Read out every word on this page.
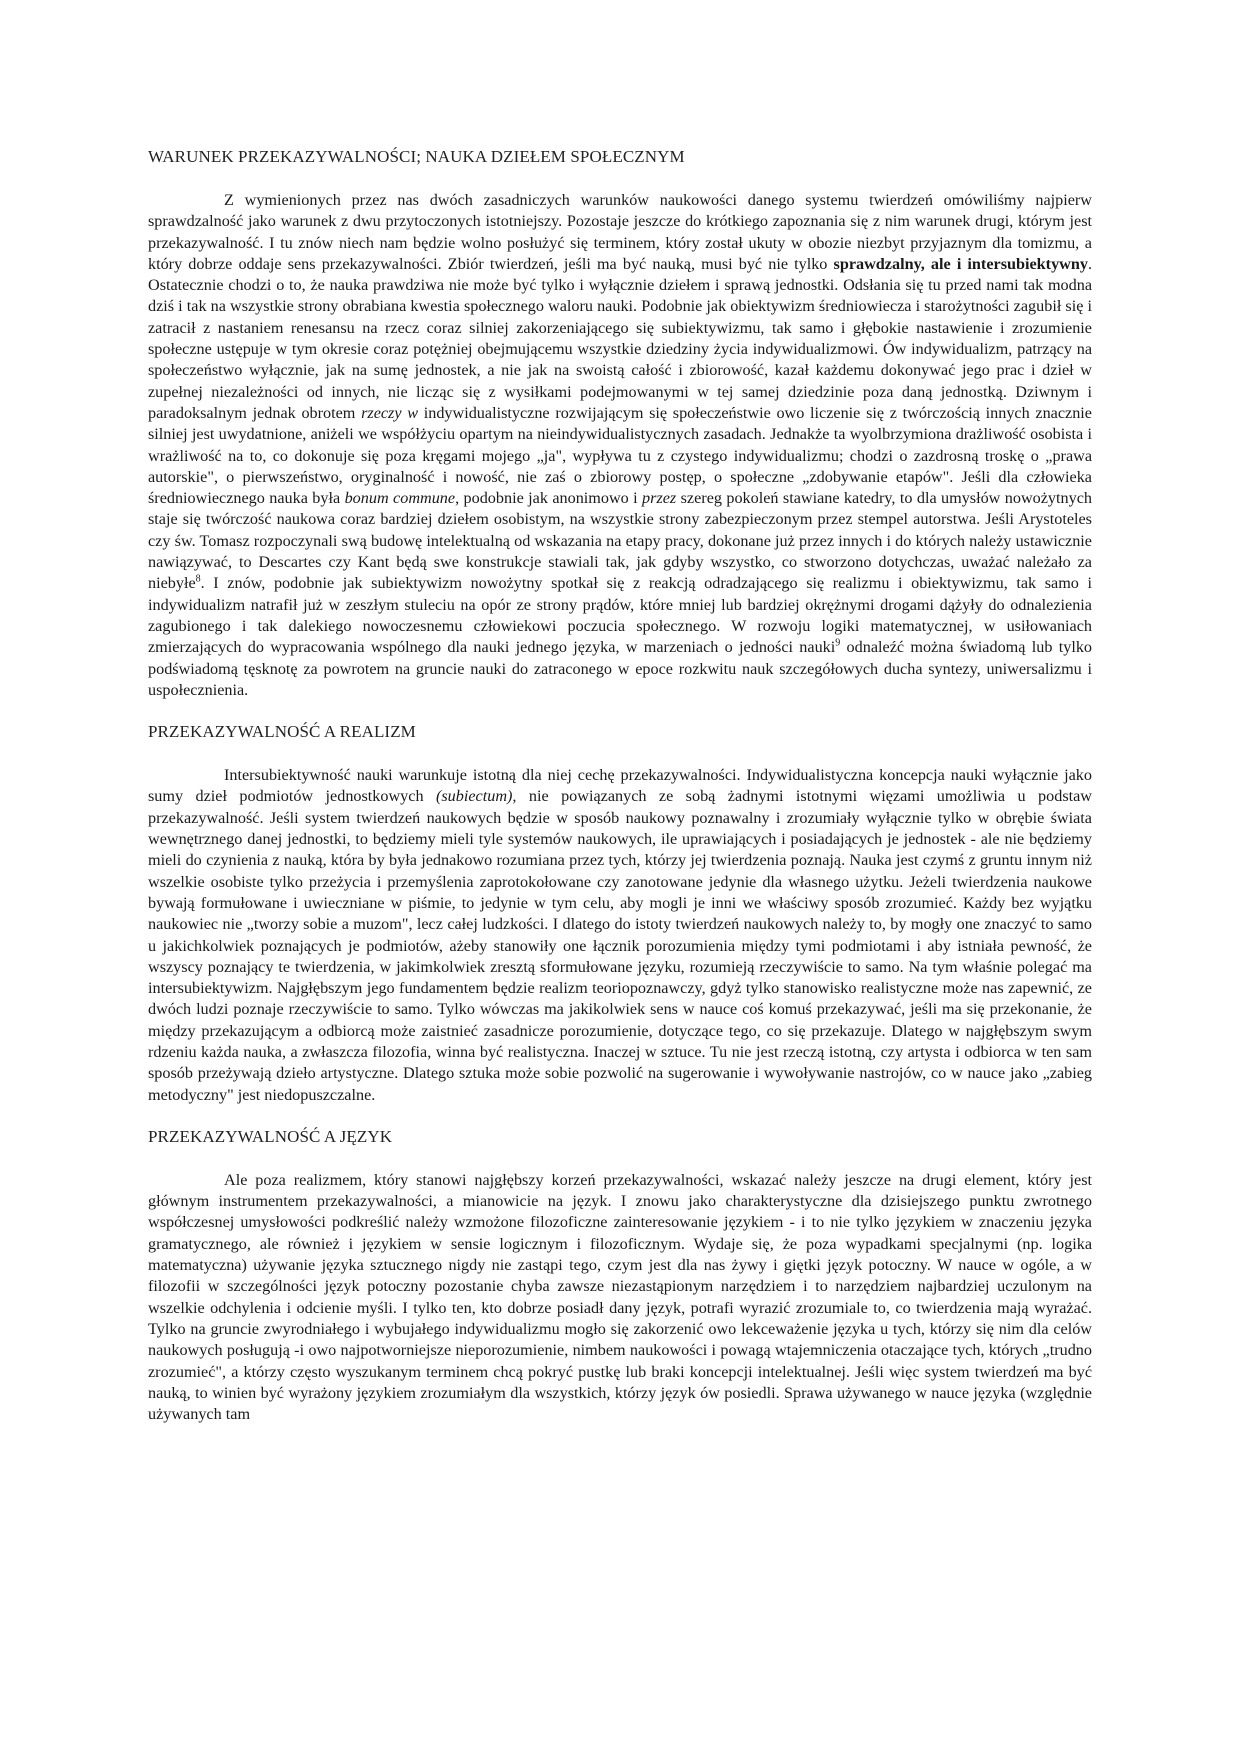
WARUNEK PRZEKAZYWALNOŚCI; NAUKA DZIEŁEM SPOŁECZNYM

Z wymienionych przez nas dwóch zasadniczych warunków naukowości danego systemu twierdzeń omówiliśmy najpierw sprawdzalność jako warunek z dwu przytoczonych istotniejszy. Pozostaje jeszcze do krótkiego zapoznania się z nim warunek drugi, którym jest przekazywalność. I tu znów niech nam będzie wolno posłużyć się terminem, który został ukuty w obozie niezbyt przyjaznym dla tomizmu, a który dobrze oddaje sens przekazywalności. Zbiór twierdzeń, jeśli ma być nauką, musi być nie tylko sprawdzalny, ale i intersubiektywny. Ostatecznie chodzi o to, że nauka prawdziwa nie może być tylko i wyłącznie dziełem i sprawą jednostki. Odsłania się tu przed nami tak modna dziś i tak na wszystkie strony obrabiana kwestia społecznego waloru nauki. Podobnie jak obiektywizm średniowiecza i starożytności zagubił się i zatracił z nastaniem renesansu na rzecz coraz silniej zakorzeniającego się subiektywizmu, tak samo i głębokie nastawienie i zrozumienie społeczne ustępuje w tym okresie coraz potężniej obejmującemu wszystkie dziedziny życia indywidualizmowi. Ów indywidualizm, patrzący na społeczeństwo wyłącznie, jak na sumę jednostek, a nie jak na swoistą całość i zbiorowość, kazał każdemu dokonywać jego prac i dzieł w zupełnej niezależności od innych, nie licząc się z wysiłkami podejmowanymi w tej samej dziedzinie poza daną jednostką. Dziwnym i paradoksalnym jednak obrotem rzeczy w indywidualistyczne rozwijającym się społeczeństwie owo liczenie się z twórczością innych znacznie silniej jest uwydatnione, aniżeli we współżyciu opartym na nieindywidualistycznych zasadach. Jednakże ta wyolbrzymiona drażliwość osobista i wrażliwość na to, co dokonuje się poza kręgami mojego „ja", wypływa tu z czystego indywidualizmu; chodzi o zazdrosną troskę o „prawa autorskie", o pierwszeństwo, oryginalność i nowość, nie zaś o zbiorowy postęp, o społeczne „zdobywanie etapów". Jeśli dla człowieka średniowiecznego nauka była bonum commune, podobnie jak anonimowo i przez szereg pokoleń stawiane katedry, to dla umysłów nowożytnych staje się twórczość naukowa coraz bardziej dziełem osobistym, na wszystkie strony zabezpieczonym przez stempel autorstwa. Jeśli Arystoteles czy św. Tomasz rozpoczynali swą budowę intelektualną od wskazania na etapy pracy, dokonane już przez innych i do których należy ustawicznie nawiązywać, to Descartes czy Kant będą swe konstrukcje stawiali tak, jak gdyby wszystko, co stworzono dotychczas, uważać należało za niebyłe$^8$. I znów, podobnie jak subiektywizm nowożytny spotkał się z reakcją odradzającego się realizmu i obiektywizmu, tak samo i indywidualizm natrafił już w zeszłym stuleciu na opór ze strony prądów, które mniej lub bardziej okrężnymi drogami dążyły do odnalezienia zagubionego i tak dalekiego nowoczesnemu człowiekowi poczucia społecznego. W rozwoju logiki matematycznej, w usiłowaniach zmierzających do wypracowania wspólnego dla nauki jednego języka, w marzeniach o jedności nauki$^9$ odnaleźć można świadomą lub tylko podświadomą tęsknotę za powrotem na gruncie nauki do zatraconego w epoce rozkwitu nauk szczegółowych ducha syntezy, uniwersalizmu i uspołecznienia.

PRZEKAZYWALNOŚĆ A REALIZM

Intersubiektywność nauki warunkuje istotną dla niej cechę przekazywalności. Indywidualistyczna koncepcja nauki wyłącznie jako sumy dzieł podmiotów jednostkowych (subiectum), nie powiązanych ze sobą żadnymi istotnymi więzami umożliwia u podstaw przekazywalność. Jeśli system twierdzeń naukowych będzie w sposób naukowy poznawalny i zrozumiały wyłącznie tylko w obrębie świata wewnętrznego danej jednostki, to będziemy mieli tyle systemów naukowych, ile uprawiających i posiadających je jednostek - ale nie będziemy mieli do czynienia z nauką, która by była jednakowo rozumiana przez tych, którzy jej twierdzenia poznają. Nauka jest czymś z gruntu innym niż wszelkie osobiste tylko przeżycia i przemyślenia zaprotokołowane czy zanotowane jedynie dla własnego użytku. Jeżeli twierdzenia naukowe bywają formułowane i uwieczniane w piśmie, to jedynie w tym celu, aby mogli je inni we właściwy sposób zrozumieć. Każdy bez wyjątku naukowiec nie „tworzy sobie a muzom", lecz całej ludzkości. I dlatego do istoty twierdzeń naukowych należy to, by mogły one znaczyć to samo u jakichkolwiek poznających je podmiotów, ażeby stanowiły one łącznik porozumienia między tymi podmiotami i aby istniała pewność, że wszyscy poznający te twierdzenia, w jakimkolwiek zresztą sformułowane języku, rozumieją rzeczywiście to samo. Na tym właśnie polegać ma intersubiektywizm. Najgłębszym jego fundamentem będzie realizm teoriopoznawczy, gdyż tylko stanowisko realistyczne może nas zapewnić, ze dwóch ludzi poznaje rzeczywiście to samo. Tylko wówczas ma jakikolwiek sens w nauce coś komuś przekazywać, jeśli ma się przekonanie, że między przekazującym a odbiorcą może zaistnieć zasadnicze porozumienie, dotyczące tego, co się przekazuje. Dlatego w najgłębszym swym rdzeniu każda nauka, a zwłaszcza filozofia, winna być realistyczna. Inaczej w sztuce. Tu nie jest rzeczą istotną, czy artysta i odbiorca w ten sam sposób przeżywają dzieło artystyczne. Dlatego sztuka może sobie pozwolić na sugerowanie i wywoływanie nastrojów, co w nauce jako „zabieg metodyczny" jest niedopuszczalne.

PRZEKAZYWALNOŚĆ A JĘZYK

Ale poza realizmem, który stanowi najgłębszy korzeń przekazywalności, wskazać należy jeszcze na drugi element, który jest głównym instrumentem przekazywalności, a mianowicie na język. I znowu jako charakterystyczne dla dzisiejszego punktu zwrotnego współczesnej umysłowości podkreślić należy wzmożone filozoficzne zainteresowanie językiem - i to nie tylko językiem w znaczeniu języka gramatycznego, ale również i językiem w sensie logicznym i filozoficznym. Wydaje się, że poza wypadkami specjalnymi (np. logika matematyczna) używanie języka sztucznego nigdy nie zastąpi tego, czym jest dla nas żywy i giętki język potoczny. W nauce w ogóle, a w filozofii w szczególności język potoczny pozostanie chyba zawsze niezastąpionym narzędziem i to narzędziem najbardziej uczulonym na wszelkie odchylenia i odcienie myśli. I tylko ten, kto dobrze posiadł dany język, potrafi wyrazić zrozumiale to, co twierdzenia mają wyrażać. Tylko na gruncie zwyrodniałego i wybujałego indywidualizmu mogło się zakorzenić owo lekceważenie języka u tych, którzy się nim dla celów naukowych posługują -i owo najpotworniejsze nieporozumienie, nimbem naukowości i powagą wtajemniczenia otaczające tych, których „trudno zrozumieć", a którzy często wyszukanym terminem chcą pokryć pustkę lub braki koncepcji intelektualnej. Jeśli więc system twierdzeń ma być nauką, to winien być wyrażony językiem zrozumiałym dla wszystkich, którzy język ów posiedli. Sprawa używanego w nauce języka (względnie używanych tam
